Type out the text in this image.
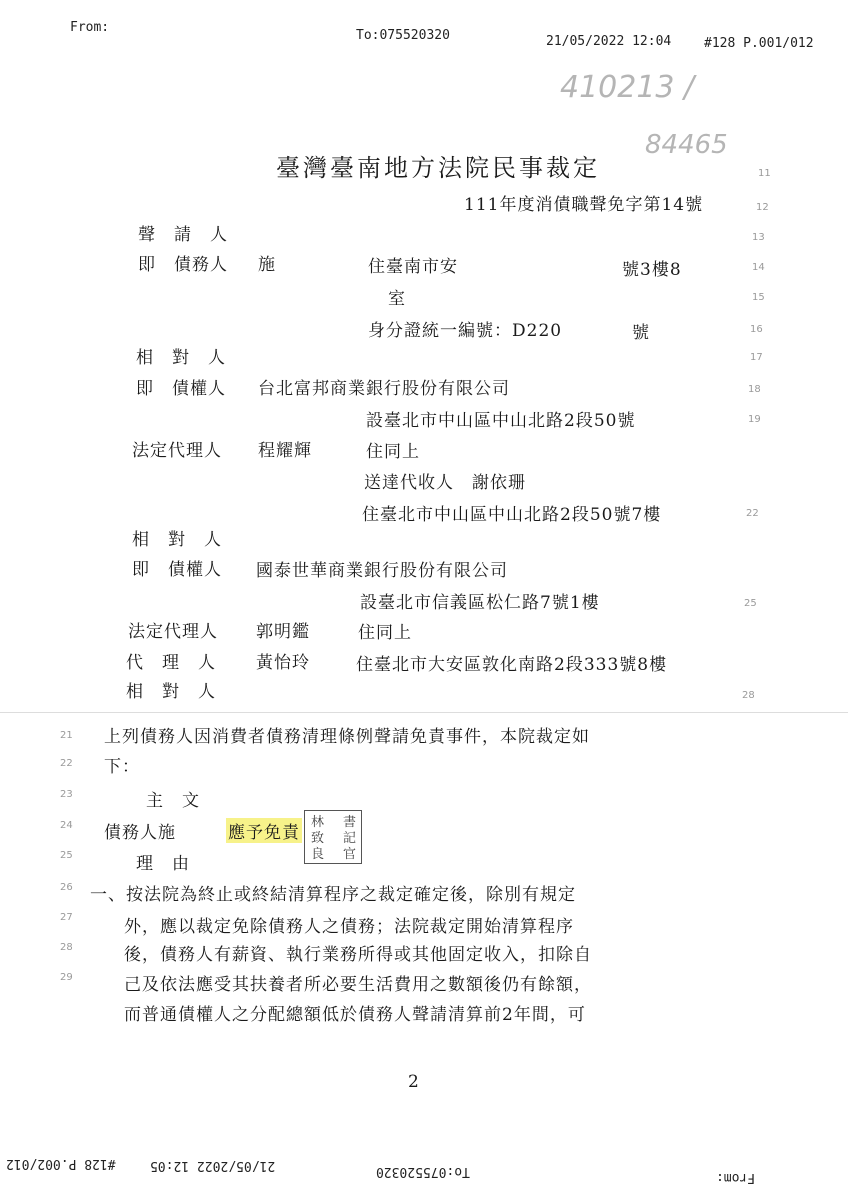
From:
To:075520320	21/05/2022 12:04	#128 P.001/012
410213 /
84465
臺灣臺南地方法院民事裁定
111年度消債職聲免字第14號
聲　請　人
即　債務人 施	住臺南市安	號3樓8
室
身分證統一編號：D220	號
相　對　人
即　債權人 台北富邦商業銀行股份有限公司
設臺北市中山區中山北路2段50號
法定代理人 程耀輝	住同上
送達代收人　謝依珊
住臺北市中山區中山北路2段50號7樓
相　對　人
即　債權人 國泰世華商業銀行股份有限公司
設臺北市信義區松仁路7號1樓
法定代理人 郭明鑑	住同上
代　理　人 黃怡玲	住臺北市大安區敦化南路2段333號8樓
相　對　人
11
12
13
14
15
16
17
18
19
22
25
28
21
22
23
24
25
26
27
28
29
上列債務人因消費者債務清理條例聲請免責事件，本院裁定如
下：
主　文
債務人施	應予免責
書記官
林致良
理　由
一、按法院為終止或終結清算程序之裁定確定後，除別有規定
外，應以裁定免除債務人之債務；法院裁定開始清算程序
後，債務人有薪資、執行業務所得或其他固定收入，扣除自
己及依法應受其扶養者所必要生活費用之數額後仍有餘額，
而普通債權人之分配總額低於債務人聲請清算前2年間，可
2
#128 P.002/012	21/05/2022 12:05	To:075520320	From:
